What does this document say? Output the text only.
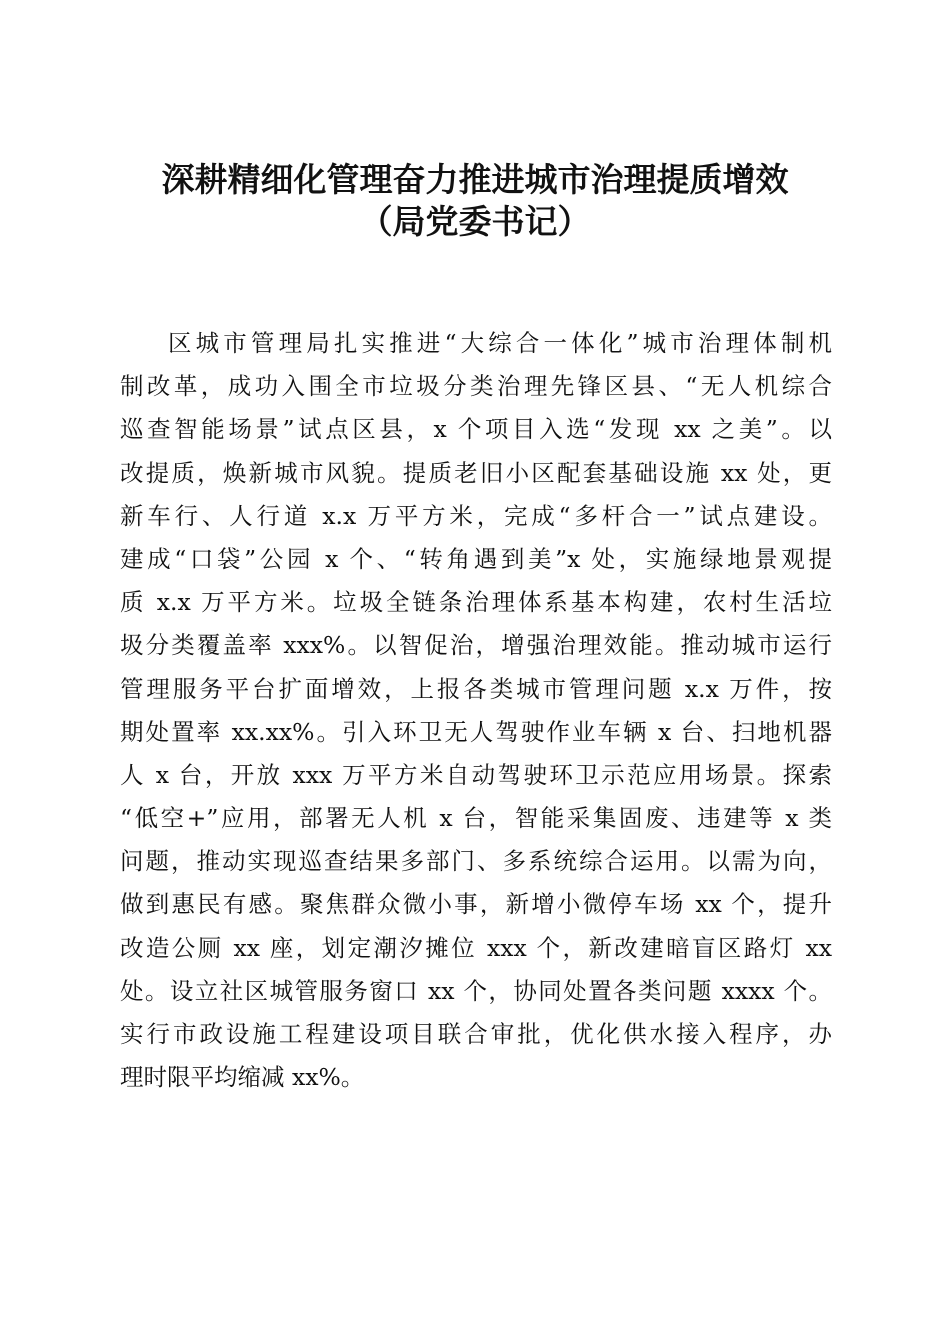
深耕精细化管理奋力推进城市治理提质增效
（局党委书记）
区城市管理局扎实推进“大综合一体化”城市治理体制机
制改革，成功入围全市垃圾分类治理先锋区县、“无人机综合
巡查智能场景”试点区县，x 个项目入选“发现 xx 之美”。以
改提质，焕新城市风貌。提质老旧小区配套基础设施 xx 处，更
新车行、人行道 x.x 万平方米，完成“多杆合一”试点建设。
建成“口袋”公园 x 个、“转角遇到美”x 处，实施绿地景观提
质 x.x 万平方米。垃圾全链条治理体系基本构建，农村生活垃
圾分类覆盖率 xxx%。以智促治，增强治理效能。推动城市运行
管理服务平台扩面增效，上报各类城市管理问题 x.x 万件，按
期处置率 xx.xx%。引入环卫无人驾驶作业车辆 x 台、扫地机器
人 x 台，开放 xxx 万平方米自动驾驶环卫示范应用场景。探索
“低空+”应用，部署无人机 x 台，智能采集固废、违建等 x 类
问题，推动实现巡查结果多部门、多系统综合运用。以需为向，
做到惠民有感。聚焦群众微小事，新增小微停车场 xx 个，提升
改造公厕 xx 座，划定潮汐摊位 xxx 个，新改建暗盲区路灯 xx
处。设立社区城管服务窗口 xx 个，协同处置各类问题 xxxx 个。
实行市政设施工程建设项目联合审批，优化供水接入程序，办
理时限平均缩减 xx%。
